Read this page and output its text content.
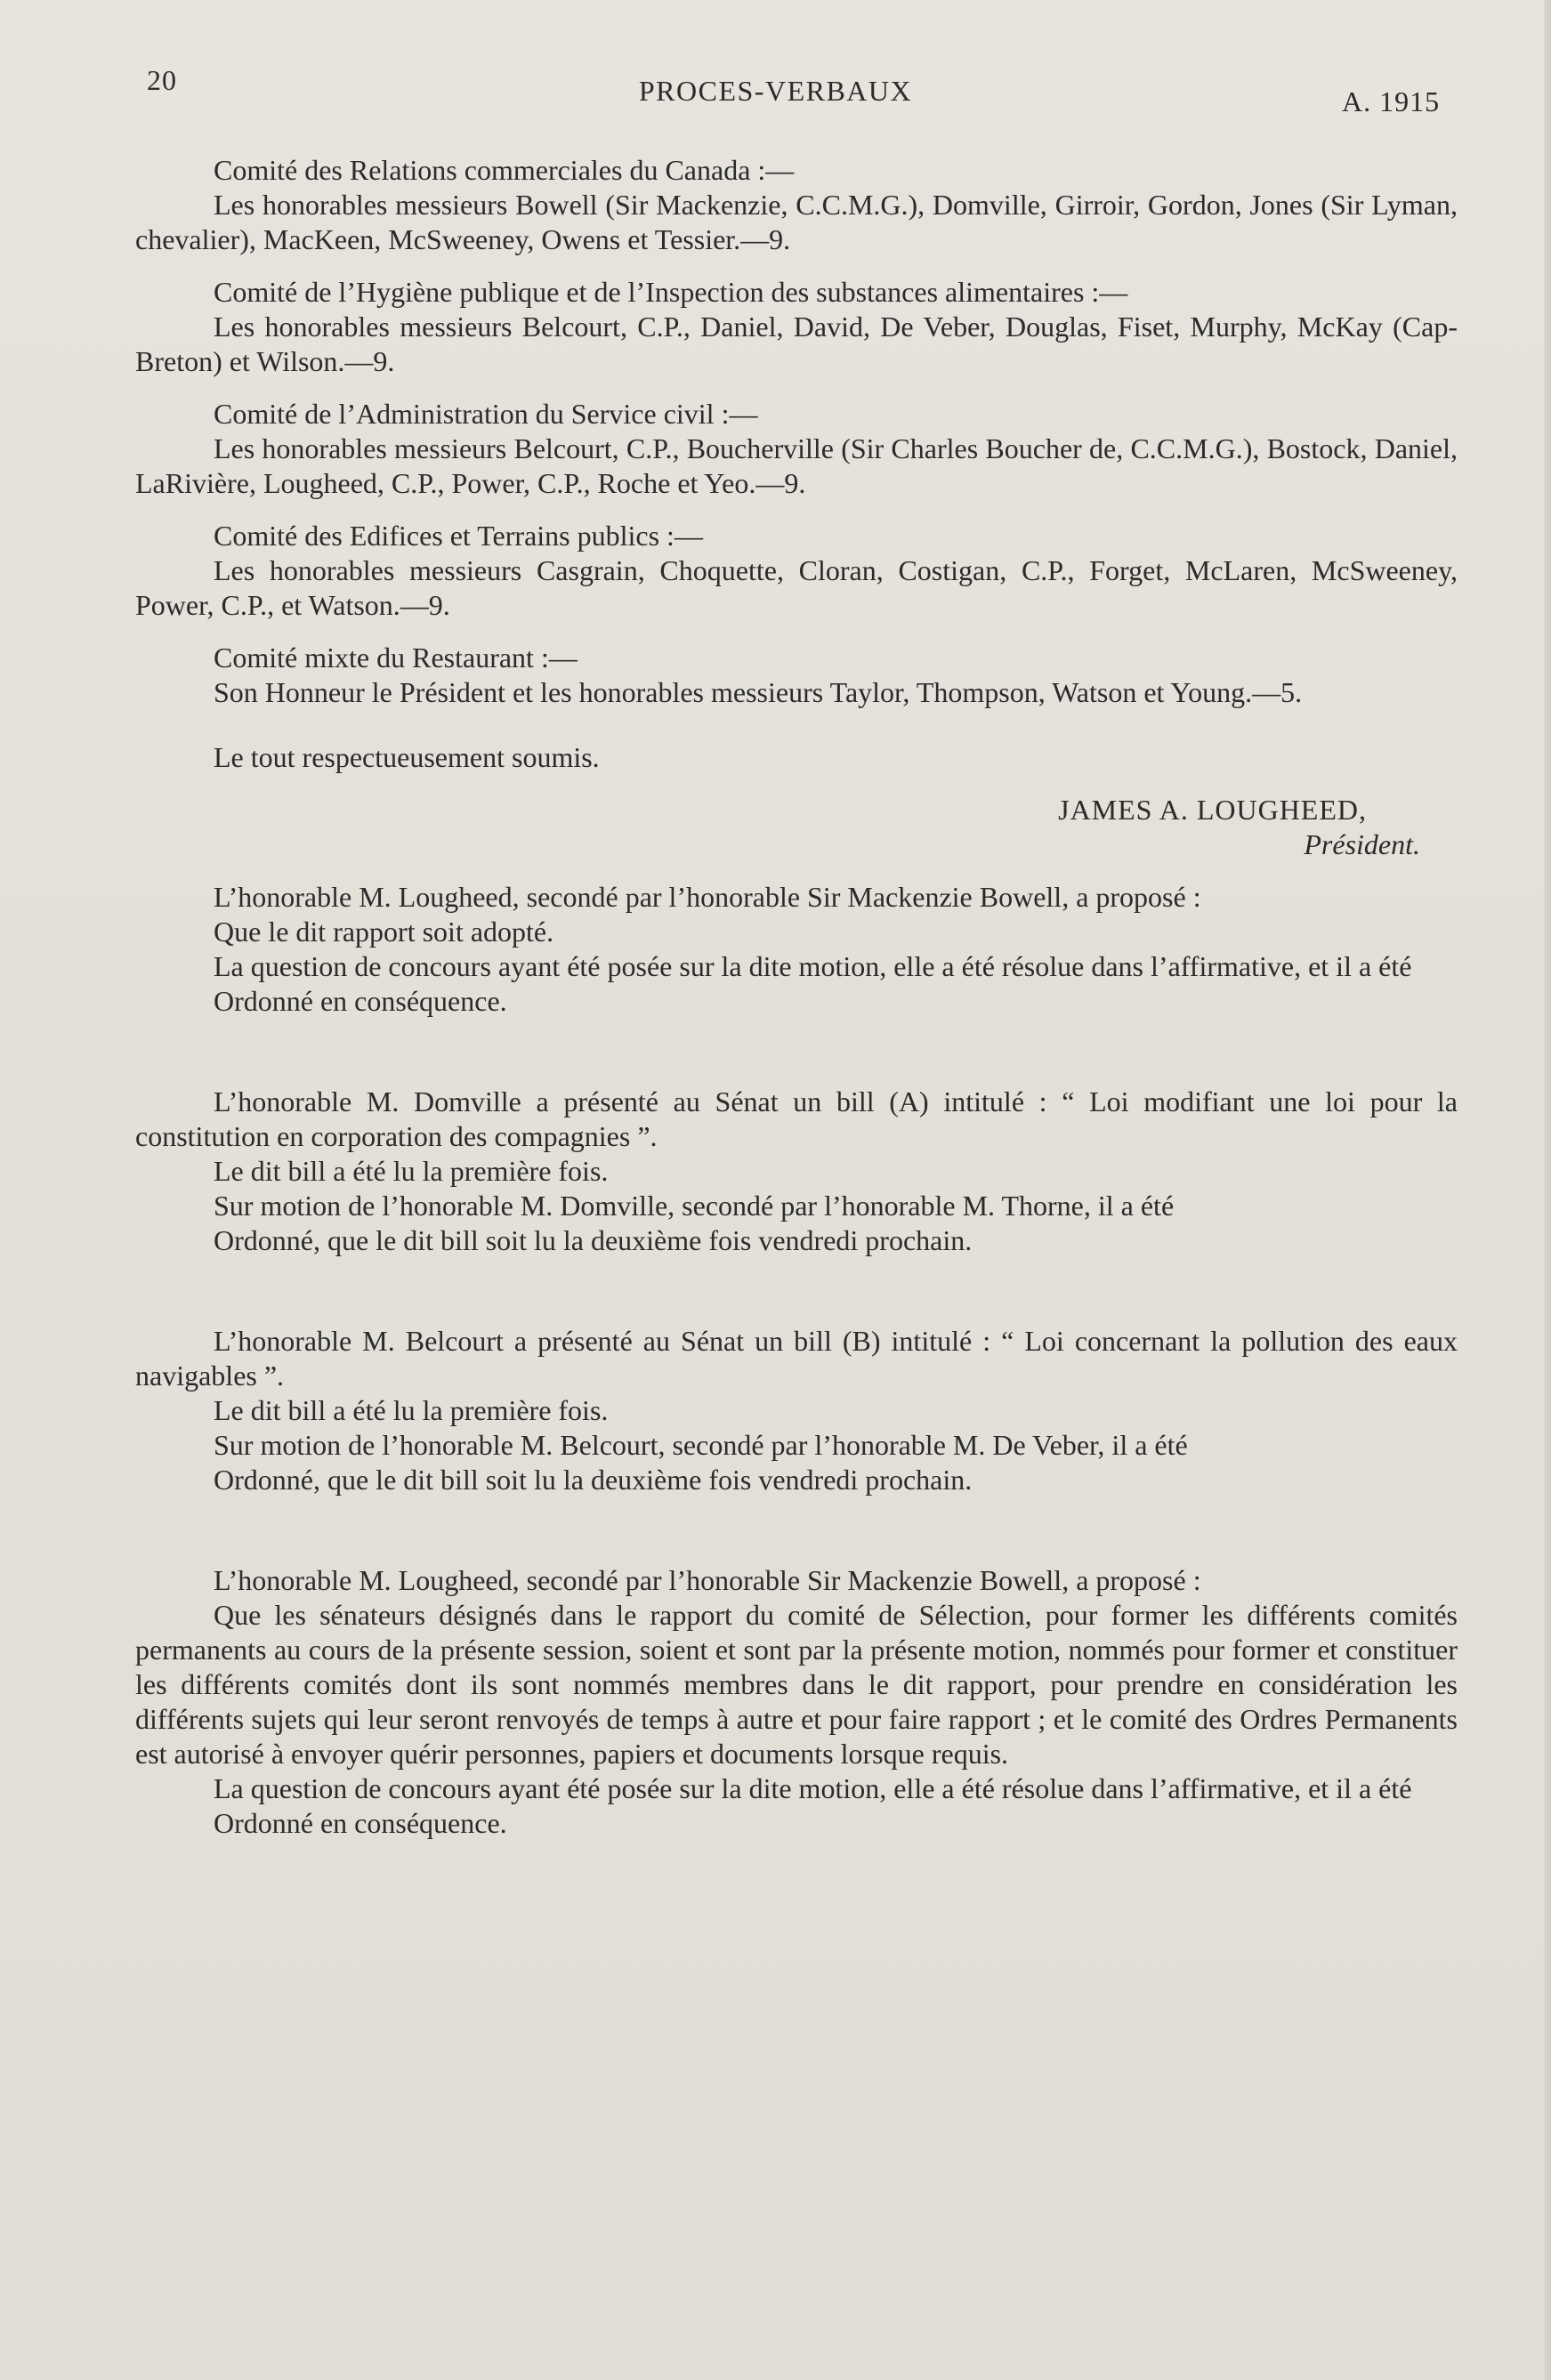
20	PROCES-VERBAUX	A. 1915

Comité des Relations commerciales du Canada :—

Les honorables messieurs Bowell (Sir Mackenzie, C.C.M.G.), Domville, Girroir, Gordon, Jones (Sir Lyman, chevalier), MacKeen, McSweeney, Owens et Tessier.—9.

Comité de l’Hygiène publique et de l’Inspection des substances alimentaires :—

Les honorables messieurs Belcourt, C.P., Daniel, David, De Veber, Douglas, Fiset, Murphy, McKay (Cap-Breton) et Wilson.—9.

Comité de l’Administration du Service civil :—

Les honorables messieurs Belcourt, C.P., Boucherville (Sir Charles Boucher de, C.C.M.G.), Bostock, Daniel, LaRivière, Lougheed, C.P., Power, C.P., Roche et Yeo.—9.

Comité des Edifices et Terrains publics :—

Les honorables messieurs Casgrain, Choquette, Cloran, Costigan, C.P., Forget, McLaren, McSweeney, Power, C.P., et Watson.—9.

Comité mixte du Restaurant :—

Son Honneur le Président et les honorables messieurs Taylor, Thompson, Watson et Young.—5.

Le tout respectueusement soumis.

JAMES A. LOUGHEED,

Président.

L’honorable M. Lougheed, secondé par l’honorable Sir Mackenzie Bowell, a proposé :

Que le dit rapport soit adopté.

La question de concours ayant été posée sur la dite motion, elle a été résolue dans l’affirmative, et il a été

Ordonné en conséquence.

L’honorable M. Domville a présenté au Sénat un bill (A) intitulé : “ Loi modifiant une loi pour la constitution en corporation des compagnies ”.

Le dit bill a été lu la première fois.

Sur motion de l’honorable M. Domville, secondé par l’honorable M. Thorne, il a été

Ordonné, que le dit bill soit lu la deuxième fois vendredi prochain.

L’honorable M. Belcourt a présenté au Sénat un bill (B) intitulé : “ Loi concernant la pollution des eaux navigables ”.

Le dit bill a été lu la première fois.

Sur motion de l’honorable M. Belcourt, secondé par l’honorable M. De Veber, il a été

Ordonné, que le dit bill soit lu la deuxième fois vendredi prochain.

L’honorable M. Lougheed, secondé par l’honorable Sir Mackenzie Bowell, a proposé :

Que les sénateurs désignés dans le rapport du comité de Sélection, pour former les différents comités permanents au cours de la présente session, soient et sont par la présente motion, nommés pour former et constituer les différents comités dont ils sont nommés membres dans le dit rapport, pour prendre en considération les différents sujets qui leur seront renvoyés de temps à autre et pour faire rapport ; et le comité des Ordres Permanents est autorisé à envoyer quérir personnes, papiers et documents lorsque requis.

La question de concours ayant été posée sur la dite motion, elle a été résolue dans l’affirmative, et il a été

Ordonné en conséquence.
